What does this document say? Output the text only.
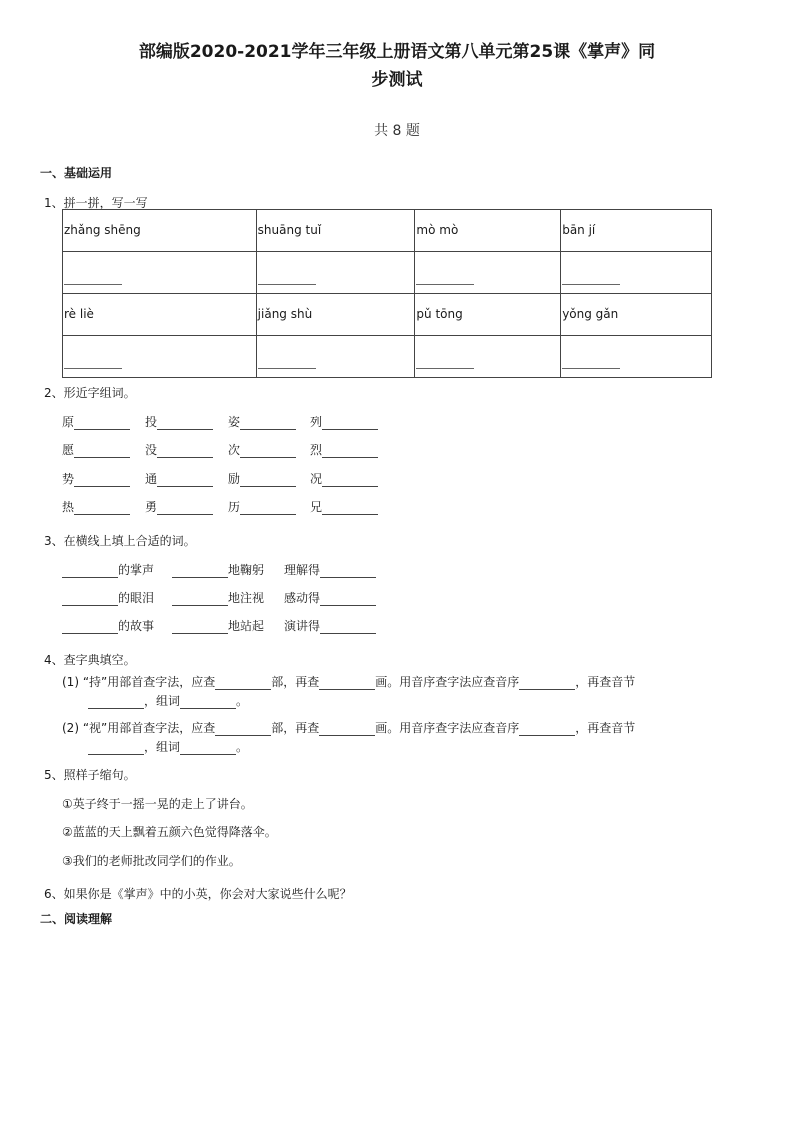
部编版2020-2021学年三年级上册语文第八单元第25课《掌声》同
步测试
共 8 题
一、基础运用
1、拼一拼，写一写
zhǎng shēng	shuāng tuǐ	mò mò	bān jí

rè liè	jiǎng shù	pǔ tōng	yǒng gǎn

2、形近字组词。
原	投	姿	列
愿	没	次	烈
势	通	励	况
热	勇	历	兄
3、在横线上填上合适的词。
的掌声	地鞠躬 理解得
的眼泪	地注视 感动得
的故事	地站起 演讲得
4、查字典填空。
(1) “持”用部首查字法，应查	部，再查	画。用音序查字法应查音序	，再查音节
，组词	。
(2) “视”用部首查字法，应查	部，再查	画。用音序查字法应查音序	，再查音节
，组词	。
5、照样子缩句。
①英子终于一摇一晃的走上了讲台。
②蓝蓝的天上飘着五颜六色觉得降落伞。
③我们的老师批改同学们的作业。
6、如果你是《掌声》中的小英，你会对大家说些什么呢？
二、阅读理解
